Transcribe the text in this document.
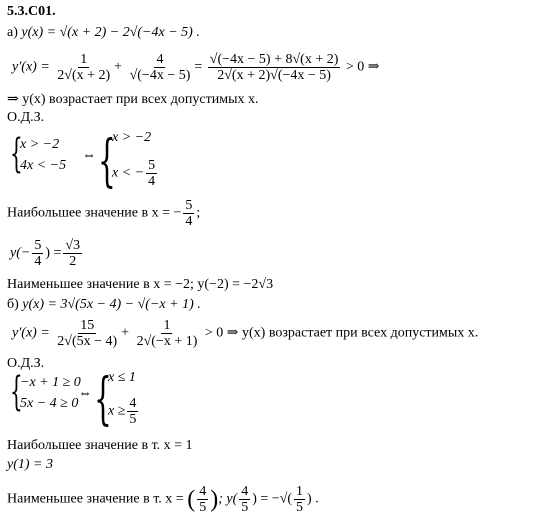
5.3.С01.
а) y(x) = √(x + 2) − 2√(−4x − 5) .
$y'(x) = \frac{1}{2√(x + 2)} + \frac{4}{√(-4x - 5)} = \frac{√(-4x - 5) + 8√(x + 2)}{2√(x + 2)√(-4x - 5)} > 0$ ⇒
⇒ y(x) возрастает при всех допустимых x.
О.Д.З.
{
x > −2
4x < −5
⇔ {
x > −2
x < − $\frac{5}{4}$
Наибольшее значение в x = − $\frac{5}{4}$ ;
$y(- \frac{5}{4}$ ) = $\frac{√3}{2}$
Наименьшее значение в x = −2; y(−2) = −2√3
б) y(x) = 3√(5x − 4) − √(−x + 1) .
$y'(x) = \frac{15}{2√(5x - 4)} + \frac{1}{2√(-x + 1)} > 0$ ⇒ y(x) возрастает при всех допустимых x.
О.Д.З.
{
−x + 1 ≥ 0
5x − 4 ≥ 0
⇔ {
x ≤ 1
$x \ge \frac{4}{5}$
Наибольшее значение в т. x = 1
y(1) = 3
Наименьшее значение в т. x = ( $\frac{4}{5}$ ); $y( \frac{4}{5}$ ) = −√( $\frac{1}{5}$ ) .
